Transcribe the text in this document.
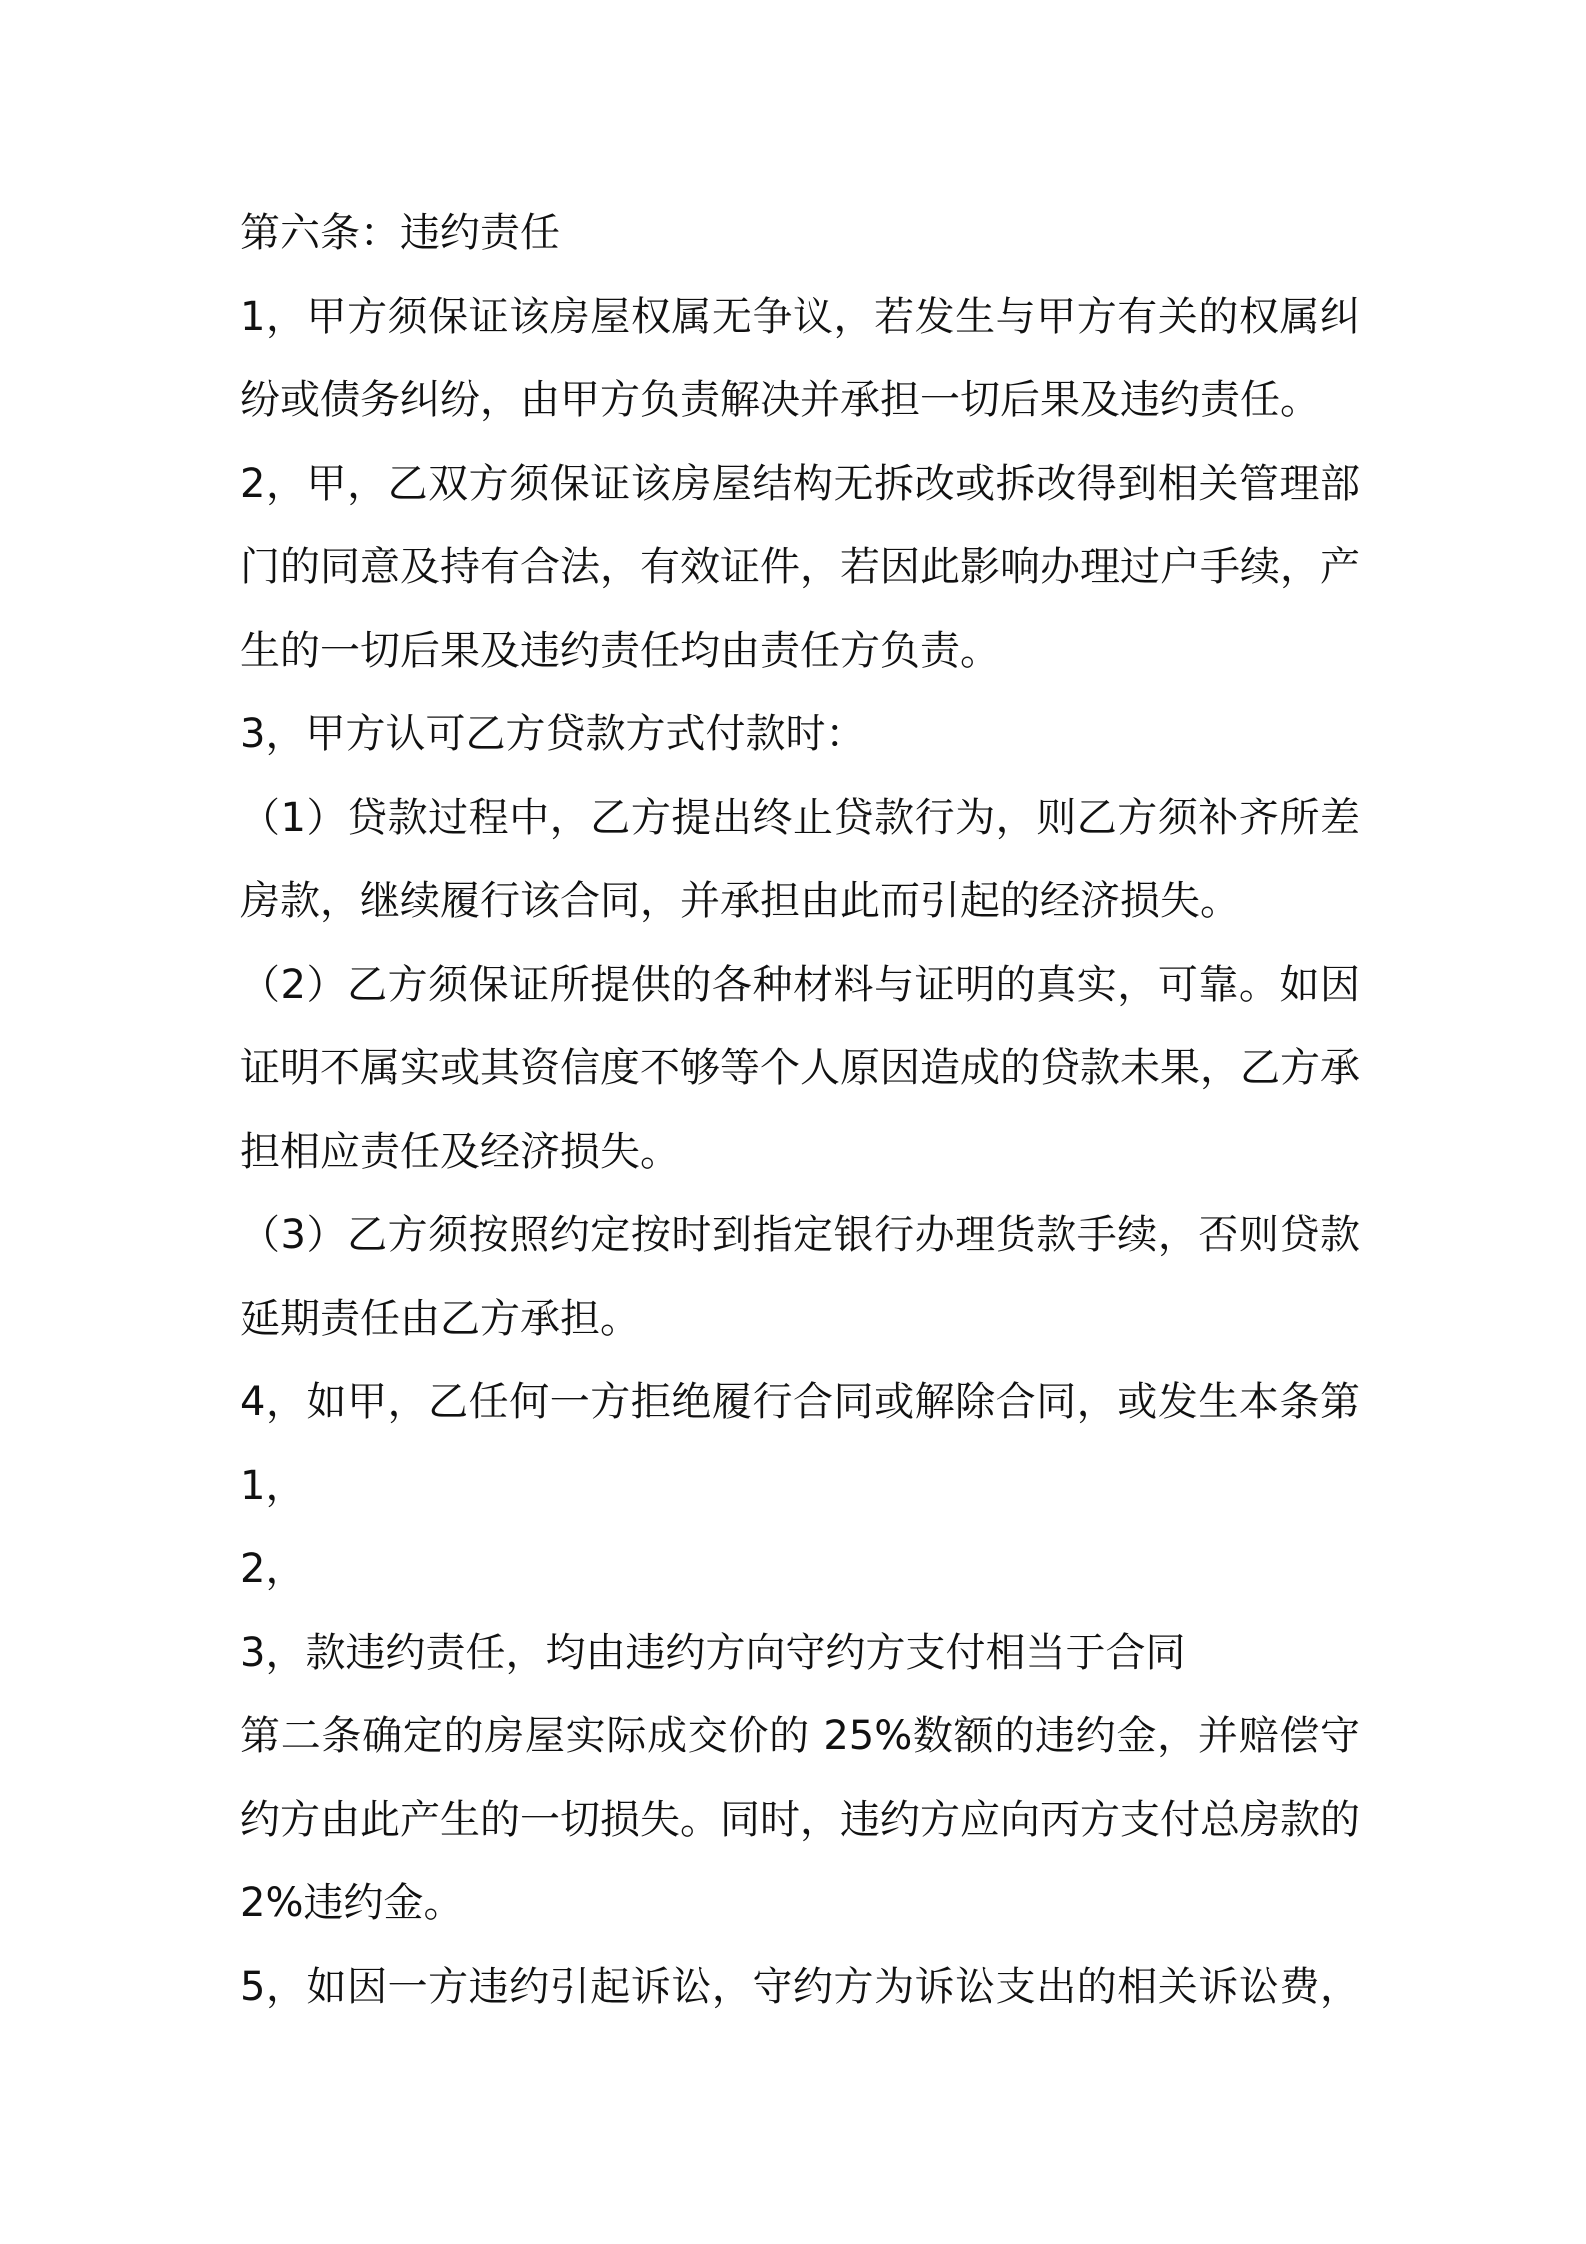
第六条：违约责任
1，甲方须保证该房屋权属无争议，若发生与甲方有关的权属纠
纷或债务纠纷，由甲方负责解决并承担一切后果及违约责任。
2，甲，乙双方须保证该房屋结构无拆改或拆改得到相关管理部
门的同意及持有合法，有效证件，若因此影响办理过户手续，产
生的一切后果及违约责任均由责任方负责。
3，甲方认可乙方贷款方式付款时：
（1）贷款过程中，乙方提出终止贷款行为，则乙方须补齐所差
房款，继续履行该合同，并承担由此而引起的经济损失。
（2）乙方须保证所提供的各种材料与证明的真实，可靠。如因
证明不属实或其资信度不够等个人原因造成的贷款未果，乙方承
担相应责任及经济损失。
（3）乙方须按照约定按时到指定银行办理货款手续，否则贷款
延期责任由乙方承担。
4，如甲，乙任何一方拒绝履行合同或解除合同，或发生本条第
1，
2，
3，款违约责任，均由违约方向守约方支付相当于合同
第二条确定的房屋实际成交价的 25%数额的违约金，并赔偿守
约方由此产生的一切损失。同时，违约方应向丙方支付总房款的
2%违约金。
5，如因一方违约引起诉讼，守约方为诉讼支出的相关诉讼费，
